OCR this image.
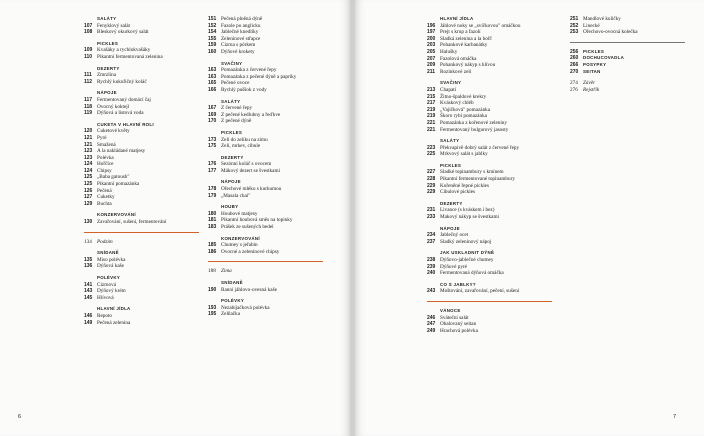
SALÁTY
107 Fenyklový salát
108 Bleskový okurkový salát
PICKLES
109 Kvašáky a rychlokvašáky
110 Pikantní fermentovaná zelenina
DEZERTY
111	Zmrzlina
112 Rychlý kukuřičný koláč
NÁPOJE
117 Fermentovaný domácí čaj
118 Ovocný koktejl
119 Dýňová a listová voda
CUKETA V HLAVNÍ ROLI
120 Cuketové květy
121 Pyré
121 Smažená
123 A la nakládané matjesy
123 Polévka
124 Hořčice
124 Chipsy
125 „Baba gatoush"
125 Pikantní pomazánka
126 Pečená
127 Cuketky
129 Buchta
KONZERVOVÁNÍ
130 Zavařování, sušení, fermentování
134	Podzim
SNÍDANĚ
135 Miso polévka
136 Dýňová kaše
POLÉVKY
141 Cizrnová
143 Dýňový krém
145 Hlívová
HLAVNÍ JÍDLA
146 Repoto
149 Pečená zelenina
151 Pečená plněná dýně
152 Fazole po anglicku
154 Jablečné knedlíky
155 Zeleninové střapce
159 Cizrna s pórkem
160 Dýňové krokety
SVAČINY
163 Pomazánka z červené řepy
163 Pomazánka z pečené dýně a papriky
165 Pečené ovoce
166 Rychlý puššok z vody
SALÁTY
167 Z červené řepy
169 Z pečené kedlubny a řeďkve
170 Z pečené dýně
PICKLES
173 Zelí do zelíku na zimu
175 Zelí, mrkev, cibule
DEZERTY
176 Sezónní koláč s ovocem
177 Mákový dezert se švestkami
NÁPOJE
178 Ořechové mléko s kurkumou
179 „Masala chai"
HOUBY
180 Houbové matjesy
181 Pikantní houbová směs na topinky
183 Prášek ze sušených bedel
KONZERVOVÁNÍ
185 Chutney s jeřabin
186 Ovocné a zeleninové chipsy
188	Zima
SNÍDANĚ
190 Ranní jáhlovo-ovesná kaše
POLÉVKY
193 Nezabíjačková polévka
195 Zelňačka
6
HLAVNÍ JÍDLA
196 Jáhlové noky se „svíčkovou" omáčkou
197 Prejt s krup a fazolí
200 Sladká zelenina a la bořč
203 Pohankové karbanátky
205 Halušky
207 Fazolová omáčka
209 Pohankový nákyp s hlívou
211 Rozinkové zelí
SVAČINY
213 Chapatí
215 Žitno-špaldové krekry
217 Kváskový chléb
219 „Vajíčková" pomazánka
219 Škoro rybí pomazánka
221 Pomazánka z kořenové zeleniny
221 Fermentovaný bulgurový jasosty
SALÁTY
223 Překvapivě dobrý salát z červené řepy
225 Mrkvový salát s jablky
PICKLES
227 Sladké topinambury s kmínem
228 Pikantní fermentované topinambury
229 Kořeněné řepné pickles
229 Cibulové pickles
DEZERTY
231 Livance (s kváskem i bez)
233 Makový nákyp se švestkami
NÁPOJE
234 Jablečný ocet
237 Sladký zeleninový nápoj
JAK USKLADNIT DÝNĚ
238 Dýňovo-jablečné chutney
239 Dýňové pyré
240 Fermentovaná dýňová omáčka
CO S JABLKY?
243 Moštování, zavařování, pečení, sušení
VÁNOCE
246 Sváteční salát
247 Obalovaný seitan
249 Hrachová polévka
251 Mandlové kuličky
252 Linecké
253 Ořechovo-ovocná kolečka
256	PICKLES
260	DOCHUCOVADLA
266	POSYPKY
270	SEITAN
274	Závěr
276	Rejstřík
7
